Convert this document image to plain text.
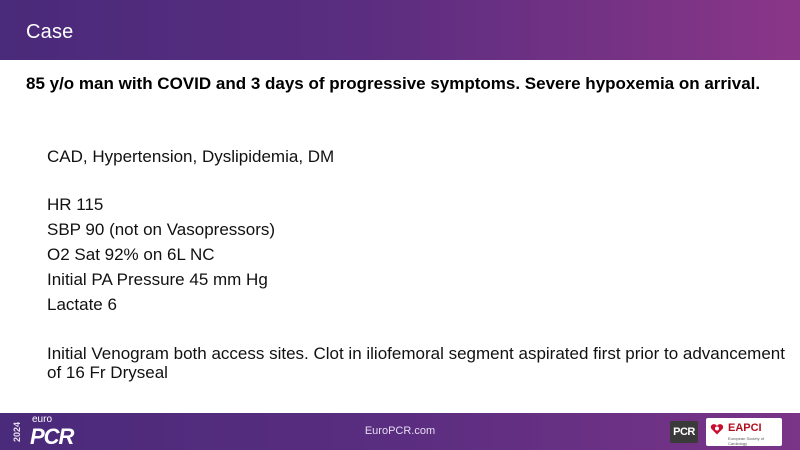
Case
85 y/o man with COVID and 3 days of progressive symptoms. Severe hypoxemia on arrival.
CAD, Hypertension, Dyslipidemia, DM
HR 115
SBP 90 (not on Vasopressors)
O2 Sat 92% on 6L NC
Initial PA Pressure 45 mm Hg
Lactate 6
Initial Venogram both access sites. Clot in iliofemoral segment aspirated first prior to advancement of 16 Fr Dryseal
2024
euro
PCR	EuroPCR.com	PCR	EAPCI
European Society of Cardiology
